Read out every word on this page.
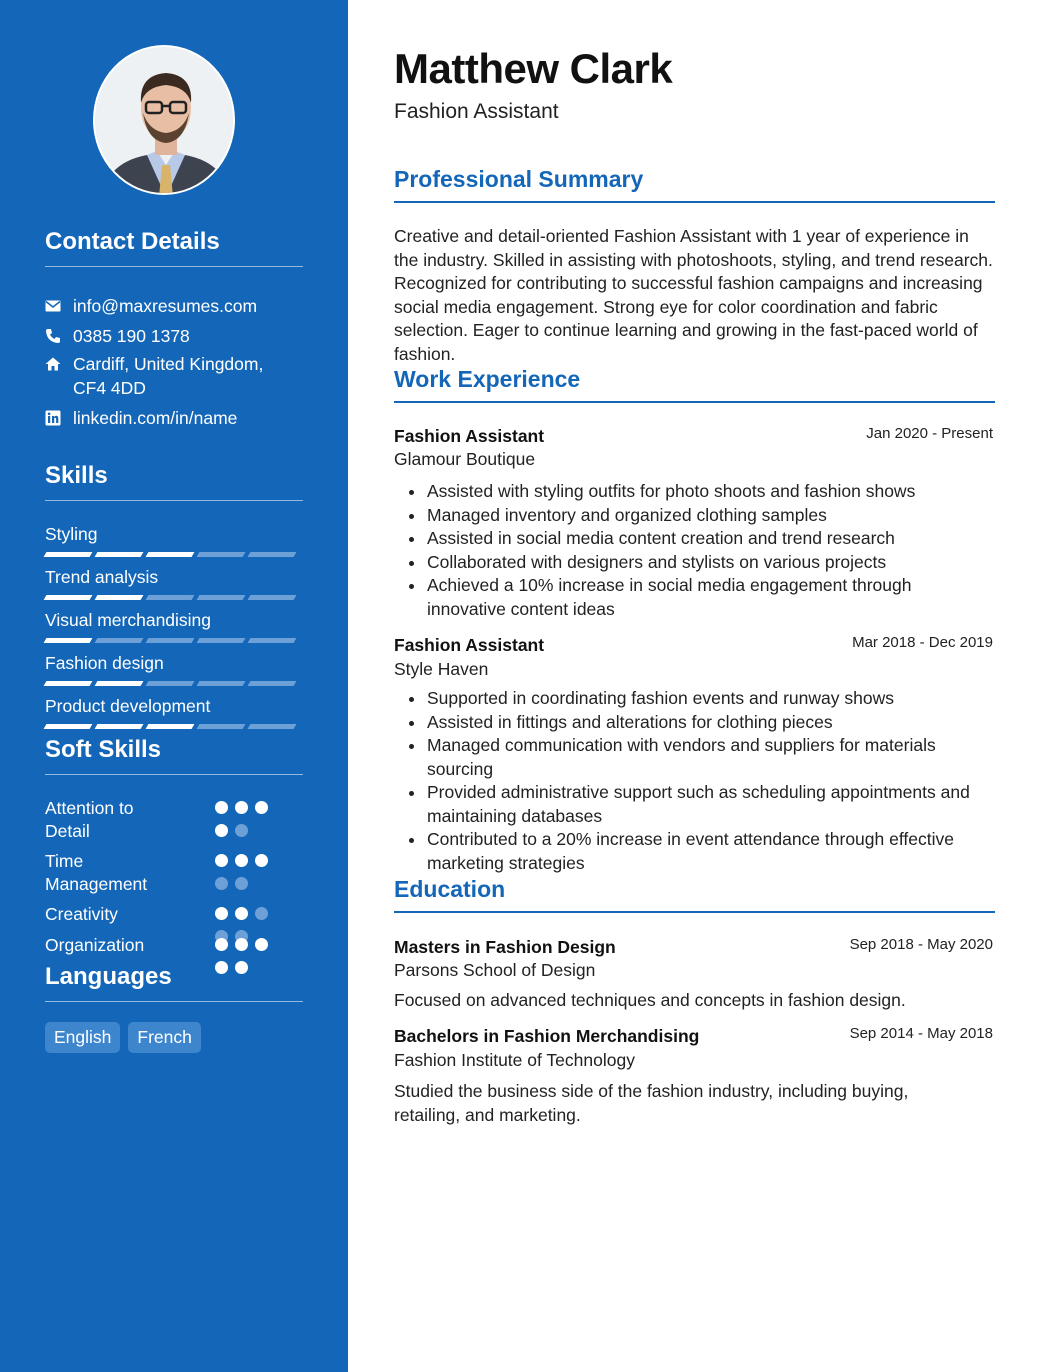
Contact Details
info@maxresumes.com
0385 190 1378
Cardiff, United Kingdom,
CF4 4DD
linkedin.com/in/name
Skills
Styling
Trend analysis
Visual merchandising
Fashion design
Product development
Soft Skills
Attention to
Detail
Time
Management
Creativity
Organization
Languages
English	French
Matthew Clark
Fashion Assistant
Professional Summary

Creative and detail-oriented Fashion Assistant with 1 year of experience in the industry. Skilled in assisting with photoshoots, styling, and trend research. Recognized for contributing to successful fashion campaigns and increasing social media engagement. Strong eye for color coordination and fabric selection. Eager to continue learning and growing in the fast-paced world of fashion.

Work Experience
Fashion Assistant	Jan 2020 - Present
Glamour Boutique
Assisted with styling outfits for photo shoots and fashion shows
Managed inventory and organized clothing samples
Assisted in social media content creation and trend research
Collaborated with designers and stylists on various projects
Achieved a 10% increase in social media engagement through innovative content ideas
Fashion Assistant	Mar 2018 - Dec 2019
Style Haven
Supported in coordinating fashion events and runway shows
Assisted in fittings and alterations for clothing pieces
Managed communication with vendors and suppliers for materials sourcing
Provided administrative support such as scheduling appointments and maintaining databases
Contributed to a 20% increase in event attendance through effective marketing strategies
Education
Masters in Fashion Design	Sep 2018 - May 2020
Parsons School of Design

Focused on advanced techniques and concepts in fashion design.

Bachelors in Fashion Merchandising	Sep 2014 - May 2018
Fashion Institute of Technology

Studied the business side of the fashion industry, including buying, retailing, and marketing.
